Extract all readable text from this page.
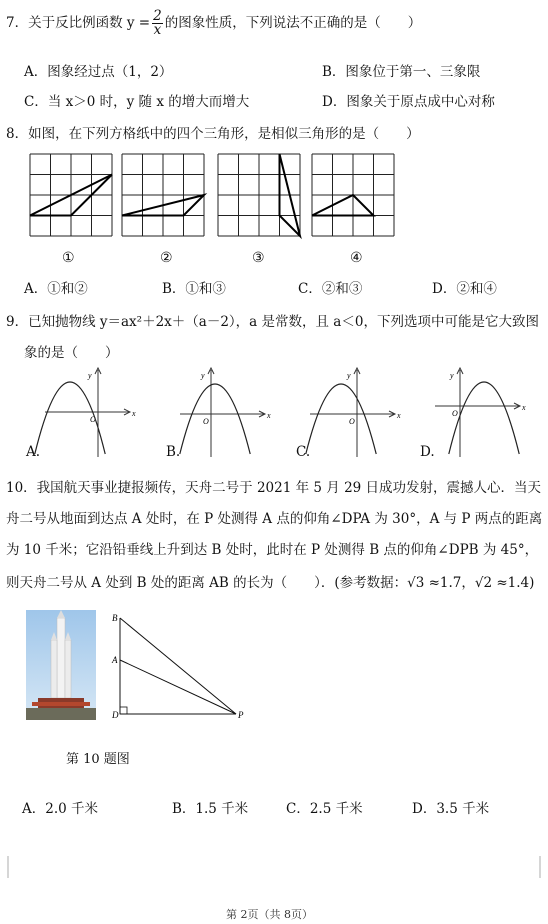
7．关于反比例函数 $y = \frac{2}{x}$ 的图象性质，下列说法不正确的是（　　）
A．图象经过点（1，2）	B．图象位于第一、三象限
C．当 x＞0 时，y 随 x 的增大而增大	D．图象关于原点成中心对称
8．如图，在下列方格纸中的四个三角形，是相似三角形的是（　　）
①	②	③	④
A．①和②	B．①和③	C．②和③	D．②和④
9．已知抛物线 y＝ax²＋2x＋（a－2），a 是常数，且 a＜0，下列选项中可能是它大致图
象的是（　　）
y
x
O
y
x
O
y
x
O
y
x
O
A.	B.	C.	D.
10．我国航天事业捷报频传，天舟二号于 2021 年 5 月 29 日成功发射，震撼人心．当天
舟二号从地面到达点 A 处时，在 P 处测得 A 点的仰角∠DPA 为 30°，A 与 P 两点的距离
为 10 千米；它沿铅垂线上升到达 B 处时，此时在 P 处测得 B 点的仰角∠DPB 为 45°，
则天舟二号从 A 处到 B 处的距离 AB 的长为（　　）．(参考数据：√3 ≈1.7，√2 ≈1.4)
B
A
D	P
第 10 题图
A．2.0 千米	B．1.5 千米	C．2.5 千米	D．3.5 千米
第 2页（共 8页）
